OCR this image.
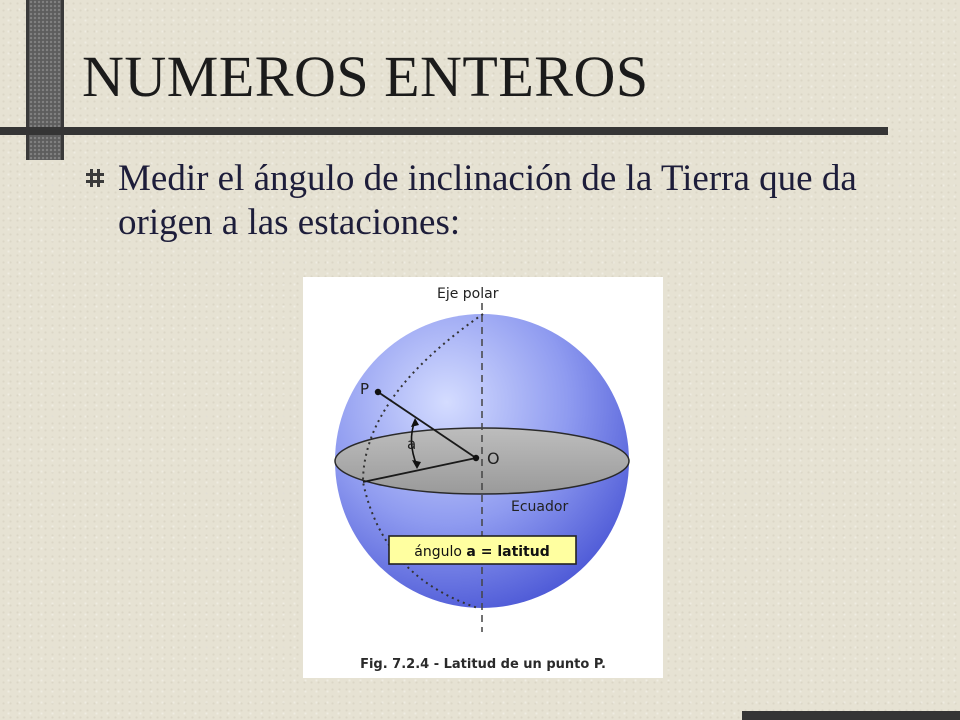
NUMEROS ENTEROS

Medir el ángulo de inclinación de la Tierra que da origen a las estaciones:

Eje polar
P
a
O
Ecuador
ángulo a = latitud
Fig. 7.2.4 - Latitud de un punto P.
